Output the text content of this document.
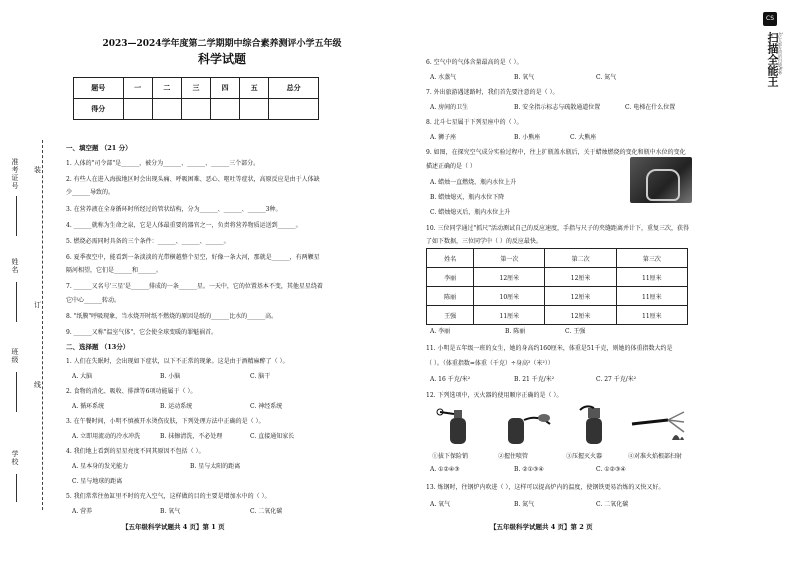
学校
班级
姓名
准考证号 装
订
线
2023—2024学年度第二学期期中综合素养测评小学五年级
科学试题
题号	一	二	三	四	五	总分
得分						
一、填空题 （21 分）
1. 人体的"司令部"是______，被分为______、______、______三个部分。
2. 有些人在进入海拔地区时会出现头痛、呼吸困难、恶心、呕吐等症状，高原反应是由于人体缺
少______导致的。
3. 在营养液在全身循环时所经过的管状结构，分为______、______、______3种。
4. ______就称为生命之泉，它是人体最重要的器官之一，负责将营养物质运送到______。
5. 燃烧必需同时具备的三个条件：______、______、______。
6. 夏季夜空中，能看到一条淡淡的光带横越整个星空，好像一条大河，那就是______，有两颗星
隔河相望，它们是______和______。
7. ______又名号'三星'是______排成的一条______星。一天中，它的位置基本不变，其他星星绕着
它中心______转动。
8. "纸膜"呼吸现象，当水烧开时纸不燃烧的原因是纸的______比水的______高。
9. ______又称"温室气体"，它会使全球变暖的罪魁祸首。
二、选择题 （13分）
1. 人们在失眠时，会出现如下症状，以下不正常的现象。这是由于酒精麻醉了（ ）。
A. 大脑	B. 小脑	C. 脑干
2. 食物的消化、吸收、排泄等6项功能属于（ ）。
A. 循环系统	B. 运动系统	C. 神经系统
3. 在午餐时间，小明不慎被开水烫伤皮肤，下列处理方法中正确的是（ ）。
A. 立即用流动的冷水冲洗	B. 抹擦清洗，不必处理	C. 直接通知家长
4. 我们地上看到的星星亮度不同其原因不包括（ ）。
A. 星本身的发光能力	B. 星与太阳的距离
C. 星与地球的距离
5. 我们常常往鱼缸里不时的充入空气，这样做的目的主要是增加水中的（ ）。
A. 营养	B. 氧气	C. 二氧化碳
【五年级科学试题共 4 页】第 1 页
6. 空气中的气体含量最高的是（ ）。
A. 水蒸气	B. 氧气	C. 氮气
7. 外出旅游遇迷路时，我们首先要注意的是（ ）。
A. 房间的卫生	B. 安全指示标志与疏散通道位置	C. 电梯在什么位置
8. 北斗七星属于下列星座中的（ ）。
A. 狮子座	B. 小熊座	C. 大熊座
9. 如图，在探究空气成分实验过程中，往上扩瓶盖水瓶后，关于蜡烛燃烧的变化和瓶中水位的变化
描述正确的是（ ）
A. 蜡烛一直燃烧，瓶内水位上升
B. 蜡烛熄灭，瓶内水位下降
C. 蜡烛熄灭后，瓶内水位上升
10. 三位同学通过"抓尺"活动测试自己的反应速度，手指与尺子的夹缝距离并计下，重复三次，获得
了如下数据，三位同学中（ ）的反应最快。
姓名	第一次	第二次	第三次
李丽	12厘米	12厘米	11厘米
陈丽	10厘米	12厘米	11厘米
王强	11厘米	12厘米	11厘米
A. 李丽	B. 陈丽	C. 王强
11. 小明是五年级一班的女生，她的身高约160厘米，体重是51千克，则她的体重指数大约是
（ ）。（体重指数=体重（千克）÷身高²（米²））
A. 16 千克/米²	B. 21 千克/米²	C. 27 千克/米²
12. 下列选项中，灭火器的使用顺序正确的是（ ）。
①拔下保险销	②握住喷管	③压握灭火器	④对准火焰根部扫射
A. ①②④③	B. ②①③④	C. ①②③④
13. 炼钢时，往钢炉内吹进（ ），这样可以提高炉内的温度，使钢铁更易冶炼的又快又好。
A. 氧气	B. 氮气	C. 二氧化碳
【五年级科学试题共 4 页】第 2 页
CS
扫描全能王 3亿人都在用的扫描App
